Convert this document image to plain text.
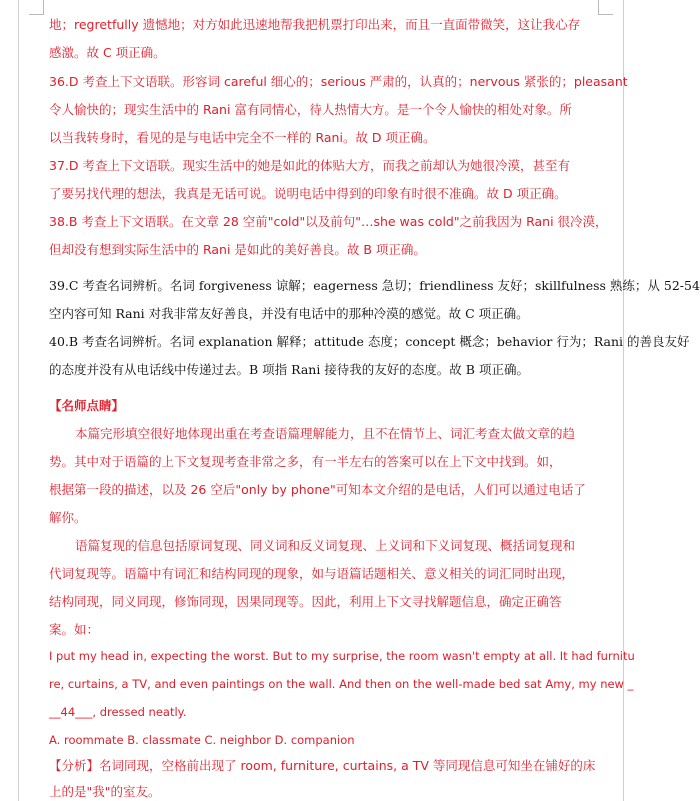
地；regretfully 遗憾地；对方如此迅速地帮我把机票打印出来，而且一直面带微笑，这让我心存
感激。故 C 项正确。
36.D 考查上下文语联。形容词 careful 细心的；serious 严肃的，认真的；nervous 紧张的；pleasant
令人愉快的；现实生活中的 Rani 富有同情心，待人热情大方。是一个令人愉快的相处对象。所
以当我转身时，看见的是与电话中完全不一样的 Rani。故 D 项正确。
37.D 考查上下文语联。现实生活中的她是如此的体贴大方，而我之前却认为她很冷漠，甚至有
了要另找代理的想法，我真是无话可说。说明电话中得到的印象有时很不准确。故 D 项正确。
38.B 考查上下文语联。在文章 28 空前"cold"以及前句"…she was cold"之前我因为 Rani 很冷漠，
但却没有想到实际生活中的 Rani 是如此的美好善良。故 B 项正确。
39.C 考查名词辨析。名词 forgiveness 谅解；eagerness 急切；friendliness 友好；skillfulness 熟练；从 52-54
空内容可知 Rani 对我非常友好善良，并没有电话中的那种冷漠的感觉。故 C 项正确。
40.B 考查名词辨析。名词 explanation 解释；attitude 态度；concept 概念；behavior 行为；Rani 的善良友好
的态度并没有从电话线中传递过去。B 项指 Rani 接待我的友好的态度。故 B 项正确。
【名师点睛】
本篇完形填空很好地体现出重在考查语篇理解能力，且不在情节上、词汇考查太做文章的趋
势。其中对于语篇的上下文复现考查非常之多，有一半左右的答案可以在上下文中找到。如，
根据第一段的描述，以及 26 空后"only by phone"可知本文介绍的是电话，人们可以通过电话了
解你。
语篇复现的信息包括原词复现、同义词和反义词复现、上义词和下义词复现、概括词复现和
代词复现等。语篇中有词汇和结构同现的现象，如与语篇话题相关、意义相关的词汇同时出现，
结构同现，同义同现，修饰同现，因果同现等。因此，利用上下文寻找解题信息，确定正确答
案。如：
I put my head in, expecting the worst. But to my surprise, the room wasn't empty at all. It had furnitu
re, curtains, a TV, and even paintings on the wall. And then on the well-made bed sat Amy, my new _
__44___, dressed neatly.
A. roommate B. classmate C. neighbor D. companion
【分析】名词同现，空格前出现了 room, furniture, curtains, a TV 等同现信息可知坐在铺好的床
上的是"我"的室友。
